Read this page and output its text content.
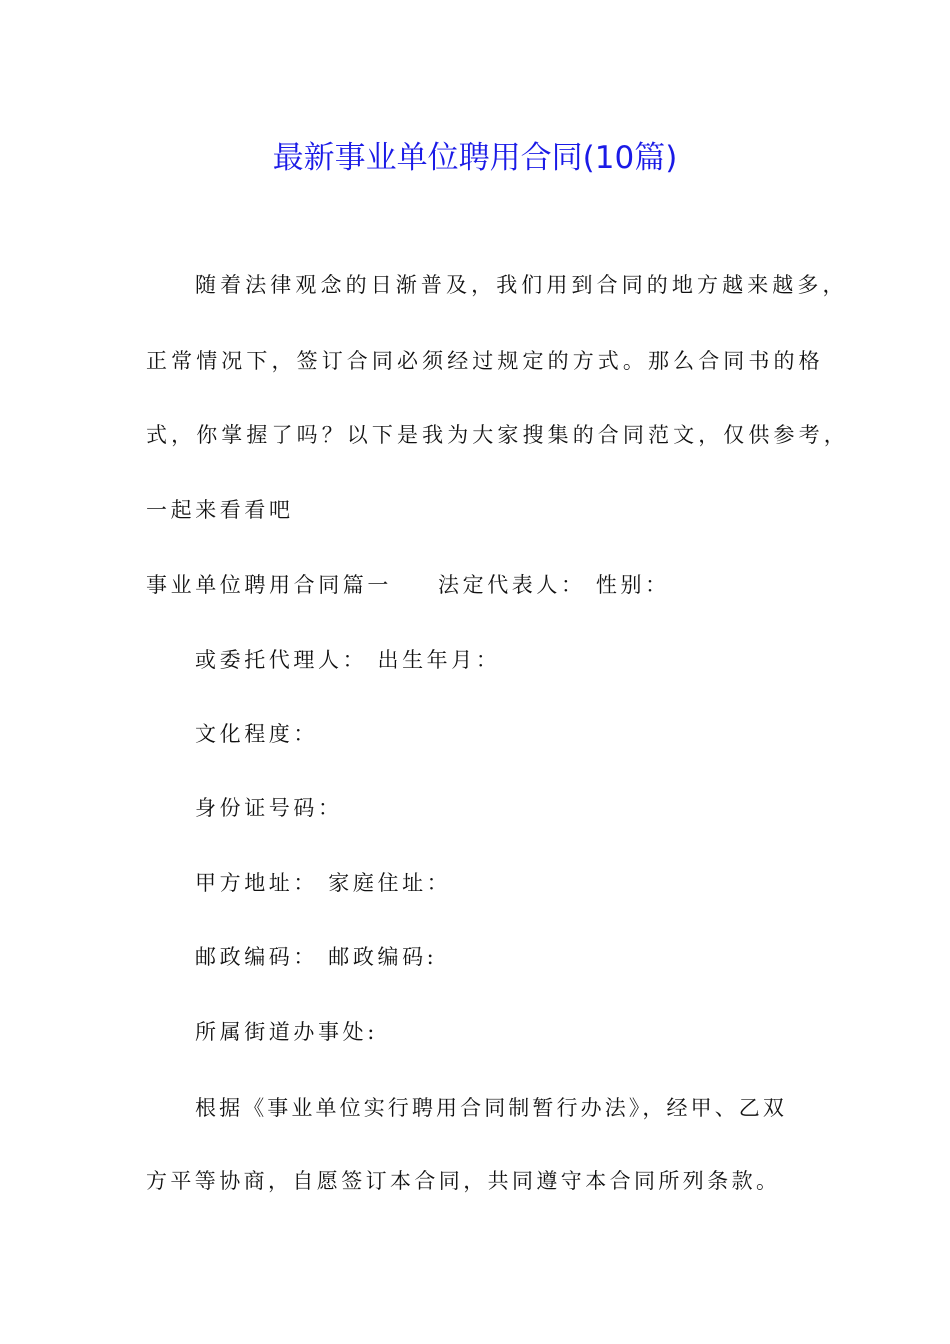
最新事业单位聘用合同(10篇)
随着法律观念的日渐普及，我们用到合同的地方越来越多，
正常情况下，签订合同必须经过规定的方式。那么合同书的格
式，你掌握了吗？以下是我为大家搜集的合同范文，仅供参考，
一起来看看吧
事业单位聘用合同篇一 法定代表人： 性别：
或委托代理人： 出生年月：
文化程度：
身份证号码：
甲方地址： 家庭住址：
邮政编码： 邮政编码:
所属街道办事处:
根据《事业单位实行聘用合同制暂行办法》，经甲、乙双
方平等协商，自愿签订本合同，共同遵守本合同所列条款。
